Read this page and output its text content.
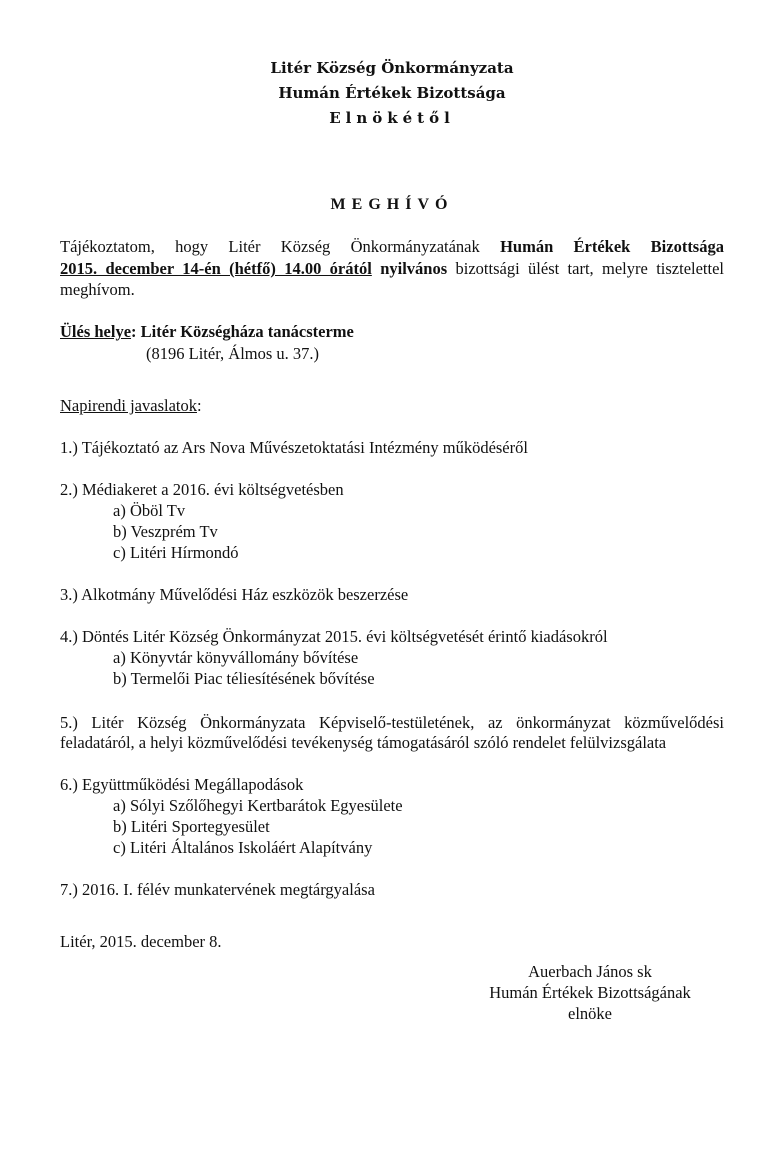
Litér Község Önkormányzata
Humán Értékek Bizottsága
Elnökétől
MEGHÍVÓ
Tájékoztatom, hogy Litér Község Önkormányzatának Humán Értékek Bizottsága
2015. december 14-én (hétfő) 14.00 órától nyilvános bizottsági ülést tart, melyre tisztelettel
meghívom.
Ülés helye: Litér Községháza tanácsterme
(8196 Litér, Álmos u. 37.)
Napirendi javaslatok:
1.) Tájékoztató az Ars Nova Művészetoktatási Intézmény működéséről
2.) Médiakeret a 2016. évi költségvetésben
a) Öböl Tv
b) Veszprém Tv
c) Litéri Hírmondó
3.) Alkotmány Művelődési Ház eszközök beszerzése
4.) Döntés Litér Község Önkormányzat 2015. évi költségvetését érintő kiadásokról
a) Könyvtár könyvállomány bővítése
b) Termelői Piac téliesítésének bővítése
5.) Litér Község Önkormányzata Képviselő-testületének, az önkormányzat közművelődési
feladatáról, a helyi közművelődési tevékenység támogatásáról szóló rendelet felülvizsgálata
6.) Együttműködési Megállapodások
a) Sólyi Szőlőhegyi Kertbarátok Egyesülete
b) Litéri Sportegyesület
c) Litéri Általános Iskoláért Alapítvány
7.) 2016. I. félév munkatervének megtárgyalása
Litér, 2015. december 8.
Auerbach János sk
Humán Értékek Bizottságának
elnöke
